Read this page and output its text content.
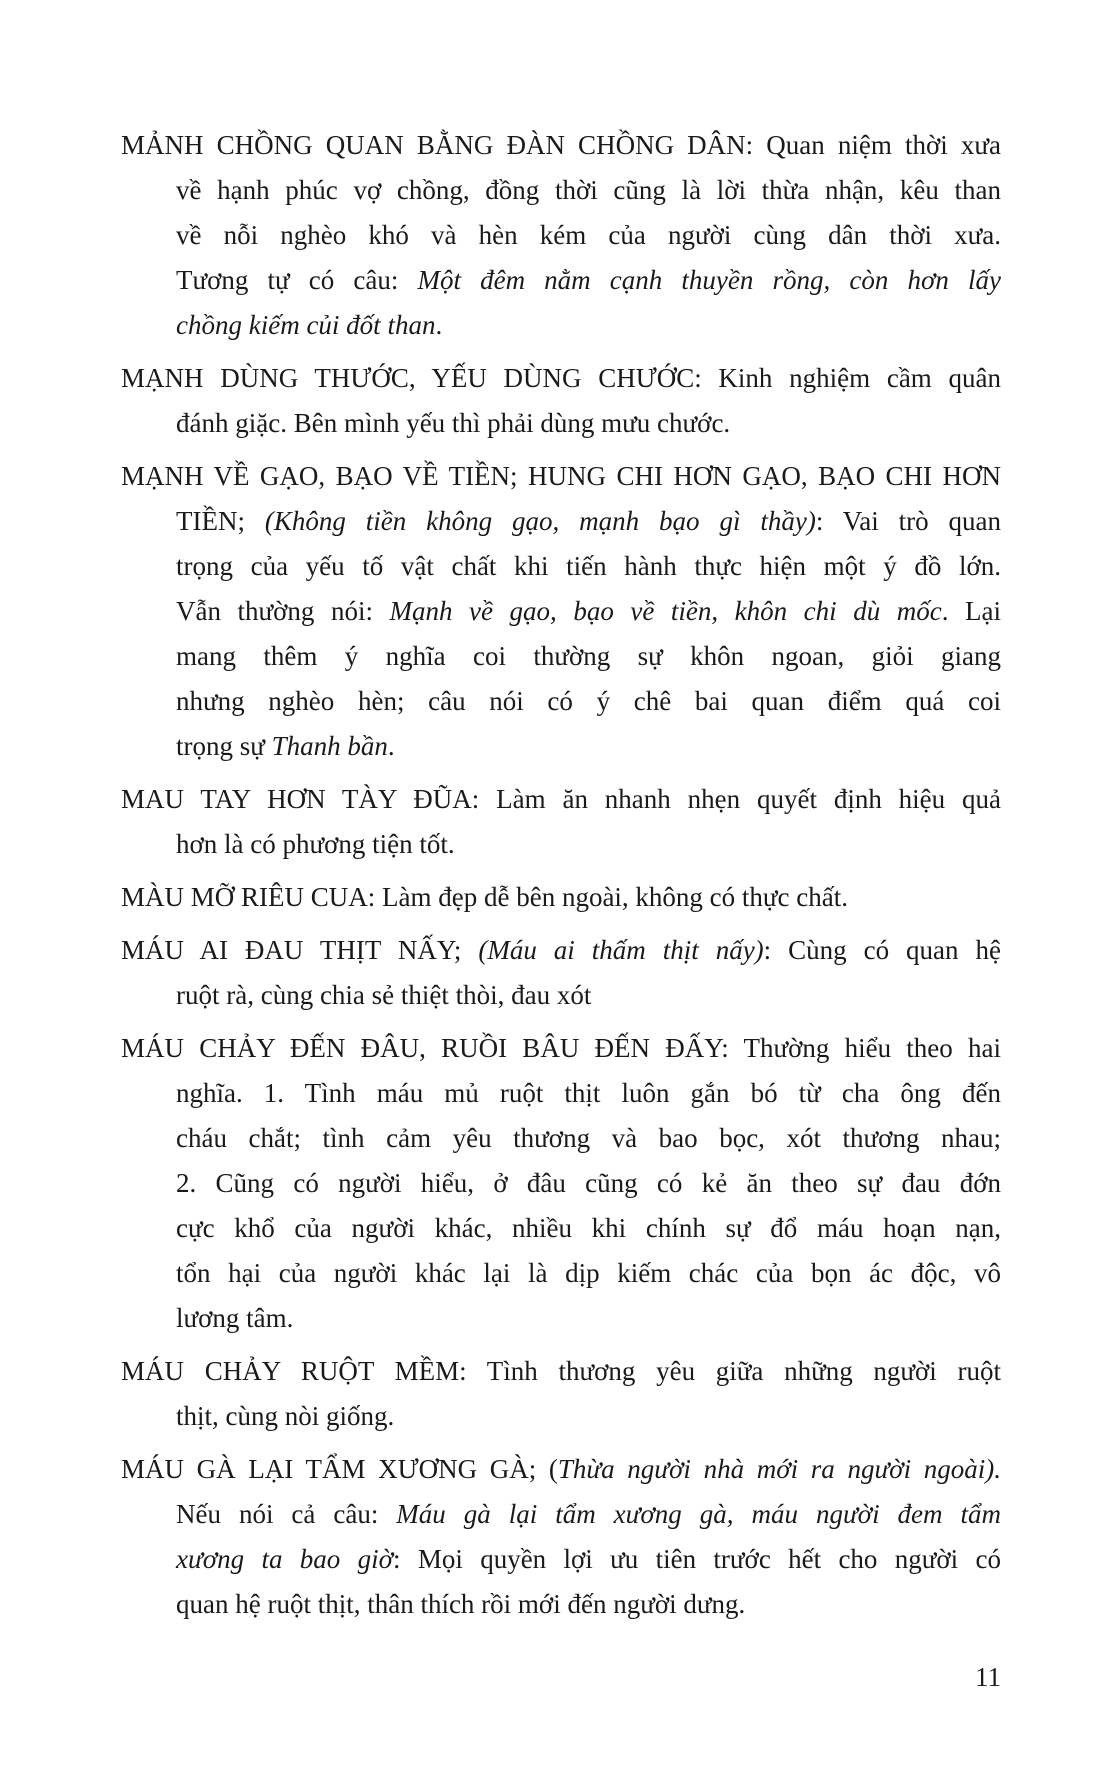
MẢNH CHỒNG QUAN BẰNG ĐÀN CHỒNG DÂN: Quan niệm thời xưa
về hạnh phúc vợ chồng, đồng thời cũng là lời thừa nhận, kêu than
về nỗi nghèo khó và hèn kém của người cùng dân thời xưa.
Tương tự có câu: Một đêm nằm cạnh thuyền rồng, còn hơn lấy
chồng kiếm củi đốt than.
MẠNH DÙNG THƯỚC, YẾU DÙNG CHƯỚC: Kinh nghiệm cầm quân
đánh giặc. Bên mình yếu thì phải dùng mưu chước.
MẠNH VỀ GẠO, BẠO VỀ TIỀN; HUNG CHI HƠN GẠO, BẠO CHI HƠN
TIỀN; (Không tiền không gạo, mạnh bạo gì thầy): Vai trò quan
trọng của yếu tố vật chất khi tiến hành thực hiện một ý đồ lớn.
Vẫn thường nói: Mạnh về gạo, bạo về tiền, khôn chi dù mốc. Lại
mang thêm ý nghĩa coi thường sự khôn ngoan, giỏi giang
nhưng nghèo hèn; câu nói có ý chê bai quan điểm quá coi
trọng sự Thanh bần.
MAU TAY HƠN TÀY ĐŨA: Làm ăn nhanh nhẹn quyết định hiệu quả
hơn là có phương tiện tốt.
MÀU MỠ RIÊU CUA: Làm đẹp dễ bên ngoài, không có thực chất.
MÁU AI ĐAU THỊT NẤY; (Máu ai thấm thịt nấy): Cùng có quan hệ
ruột rà, cùng chia sẻ thiệt thòi, đau xót
MÁU CHẢY ĐẾN ĐÂU, RUỒI BÂU ĐẾN ĐẤY: Thường hiểu theo hai
nghĩa. 1. Tình máu mủ ruột thịt luôn gắn bó từ cha ông đến
cháu chắt; tình cảm yêu thương và bao bọc, xót thương nhau;
2. Cũng có người hiểu, ở đâu cũng có kẻ ăn theo sự đau đớn
cực khổ của người khác, nhiều khi chính sự đổ máu hoạn nạn,
tổn hại của người khác lại là dịp kiếm chác của bọn ác độc, vô
lương tâm.
MÁU CHẢY RUỘT MỀM: Tình thương yêu giữa những người ruột
thịt, cùng nòi giống.
MÁU GÀ LẠI TẨM XƯƠNG GÀ; (Thừa người nhà mới ra người ngoài).
Nếu nói cả câu: Máu gà lại tẩm xương gà, máu người đem tẩm
xương ta bao giờ: Mọi quyền lợi ưu tiên trước hết cho người có
quan hệ ruột thịt, thân thích rồi mới đến người dưng.
11
